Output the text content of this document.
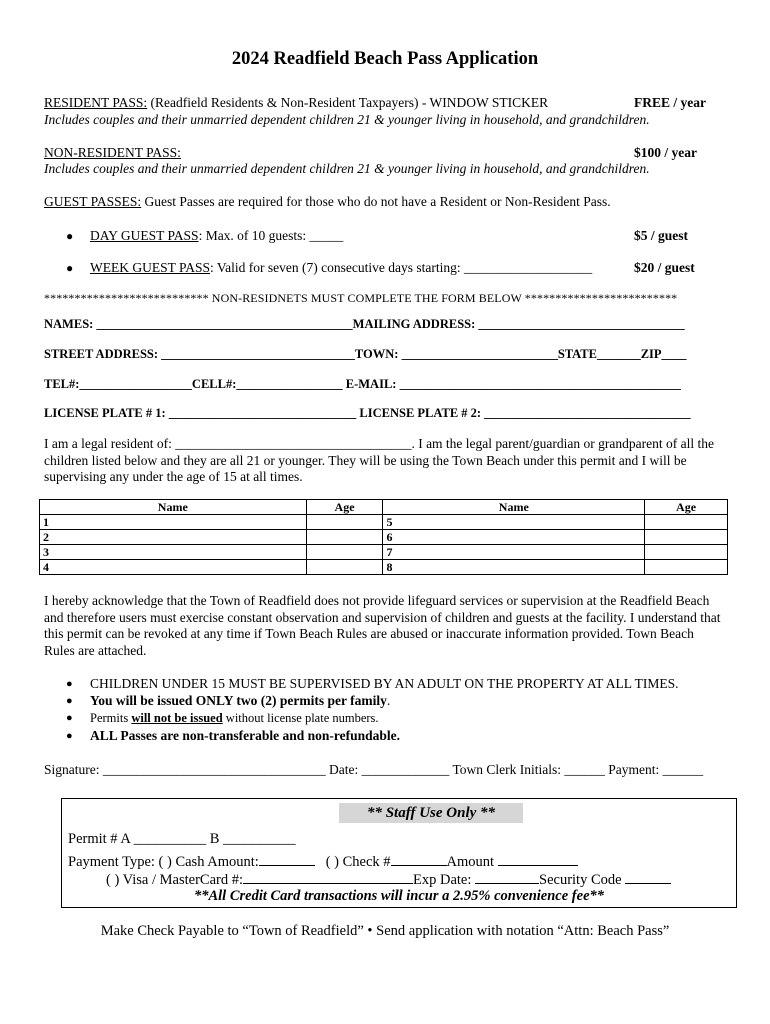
2024 Readfield Beach Pass Application
RESIDENT PASS: (Readfield Residents & Non-Resident Taxpayers) - WINDOW STICKER	FREE / year
Includes couples and their unmarried dependent children 21 & younger living in household, and grandchildren.
NON-RESIDENT PASS:	$100 / year
Includes couples and their unmarried dependent children 21 & younger living in household, and grandchildren.
GUEST PASSES: Guest Passes are required for those who do not have a Resident or Non-Resident Pass.
● DAY GUEST PASS: Max. of 10 guests: _____	$5 / guest
● WEEK GUEST PASS: Valid for seven (7) consecutive days starting: ___________________	$20 / guest
*************************** NON-RESIDNETS MUST COMPLETE THE FORM BELOW *************************
NAMES: _________________________________________MAILING ADDRESS: _________________________________
STREET ADDRESS: _______________________________TOWN: _________________________STATE_______ZIP____
TEL#:__________________CELL#:_________________ E-MAIL: _____________________________________________
LICENSE PLATE # 1: ______________________________ LICENSE PLATE # 2: _________________________________
I am a legal resident of: ___________________________________. I am the legal parent/guardian or grandparent of all the children listed below and they are all 21 or younger. They will be using the Town Beach under this permit and I will be supervising any under the age of 15 at all times.
Name	Age	Name	Age
1		5	
2		6	
3		7	
4		8	
I hereby acknowledge that the Town of Readfield does not provide lifeguard services or supervision at the Readfield Beach and therefore users must exercise constant observation and supervision of children and guests at the facility. I understand that this permit can be revoked at any time if Town Beach Rules are abused or inaccurate information provided. Town Beach Rules are attached.
● CHILDREN UNDER 15 MUST BE SUPERVISED BY AN ADULT ON THE PROPERTY AT ALL TIMES.
● You will be issued ONLY two (2) permits per family.
● Permits will not be issued without license plate numbers.
● ALL Passes are non-transferable and non-refundable.
Signature: _________________________________ Date: _____________ Town Clerk Initials: ______ Payment: ______
** Staff Use Only **
Permit # A __________ B __________
Payment Type: ( ) Cash Amount:	( ) Check #	Amount
( ) Visa / MasterCard #:	Exp Date:	Security Code
**All Credit Card transactions will incur a 2.95% convenience fee**
Make Check Payable to “Town of Readfield” • Send application with notation “Attn: Beach Pass”
